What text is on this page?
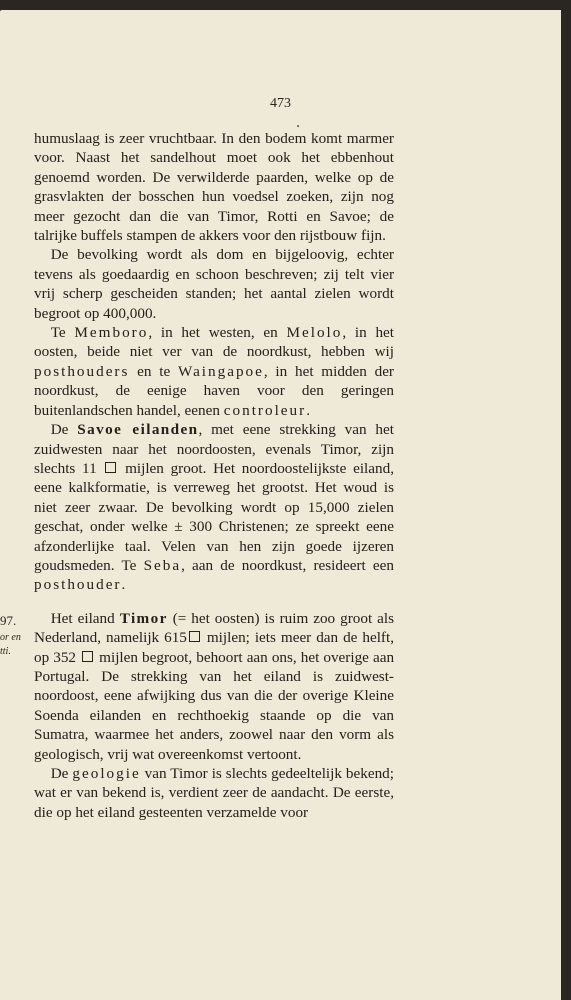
473
•
97.
or en
tti.

humuslaag is zeer vruchtbaar. In den bodem komt marmer voor. Naast het sandelhout moet ook het ebbenhout genoemd worden. De verwilderde paarden, welke op de grasvlakten der bosschen hun voedsel zoeken, zijn nog meer gezocht dan die van Timor, Rotti en Savoe; de talrijke buffels stampen de akkers voor den rijstbouw fijn.

De bevolking wordt als dom en bijgeloovig, echter tevens als goedaardig en schoon beschreven; zij telt vier vrij scherp gescheiden standen; het aantal zielen wordt begroot op 400,000.

Te Memboro, in het westen, en Melolo, in het oosten, beide niet ver van de noordkust, hebben wij posthouders en te Waingapoe, in het midden der noordkust, de eenige haven voor den geringen buitenlandschen handel, eenen controleur.

De Savoe eilanden, met eene strekking van het zuidwesten naar het noordoosten, evenals Timor, zijn slechts 11 mijlen groot. Het noordoostelijkste eiland, eene kalkformatie, is verreweg het grootst. Het woud is niet zeer zwaar. De bevolking wordt op 15,000 zielen geschat, onder welke ± 300 Christenen; ze spreekt eene afzonderlijke taal. Velen van hen zijn goede ijzeren goudsmeden. Te Seba, aan de noordkust, resideert een posthouder.

Het eiland Timor (= het oosten) is ruim zoo groot als Nederland, namelijk 615 mijlen; iets meer dan de helft, op 352 mijlen begroot, behoort aan ons, het overige aan Portugal. De strekking van het eiland is zuidwest-noordoost, eene afwijking dus van die der overige Kleine Soenda eilanden en rechthoekig staande op die van Sumatra, waarmee het anders, zoowel naar den vorm als geologisch, vrij wat overeenkomst vertoont.

De geologie van Timor is slechts gedeeltelijk bekend; wat er van bekend is, verdient zeer de aandacht. De eerste, die op het eiland gesteenten verzamelde voor
